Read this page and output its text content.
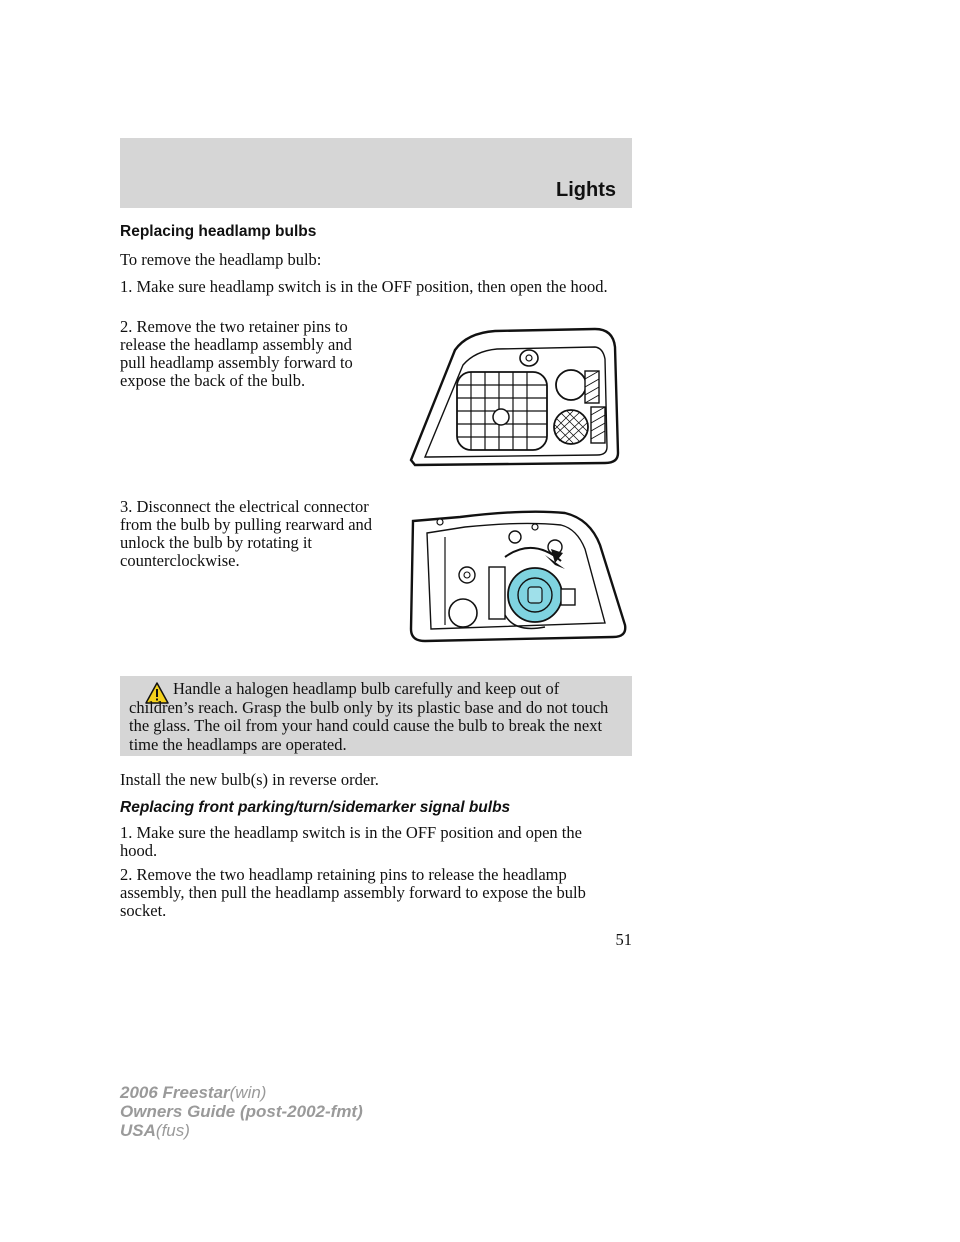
Lights
Replacing headlamp bulbs
To remove the headlamp bulb:
1. Make sure headlamp switch is in the OFF position, then open the hood.
2. Remove the two retainer pins to release the headlamp assembly and pull headlamp assembly forward to expose the back of the bulb.
3. Disconnect the electrical connector from the bulb by pulling rearward and unlock the bulb by rotating it counterclockwise.
Handle a halogen headlamp bulb carefully and keep out of children’s reach. Grasp the bulb only by its plastic base and do not touch the glass. The oil from your hand could cause the bulb to break the next time the headlamps are operated.
Install the new bulb(s) in reverse order.
Replacing front parking/turn/sidemarker signal bulbs
1. Make sure the headlamp switch is in the OFF position and open the hood.
2. Remove the two headlamp retaining pins to release the headlamp assembly, then pull the headlamp assembly forward to expose the bulb socket.
51
2006 Freestar(win)
Owners Guide (post-2002-fmt)
USA(fus)
